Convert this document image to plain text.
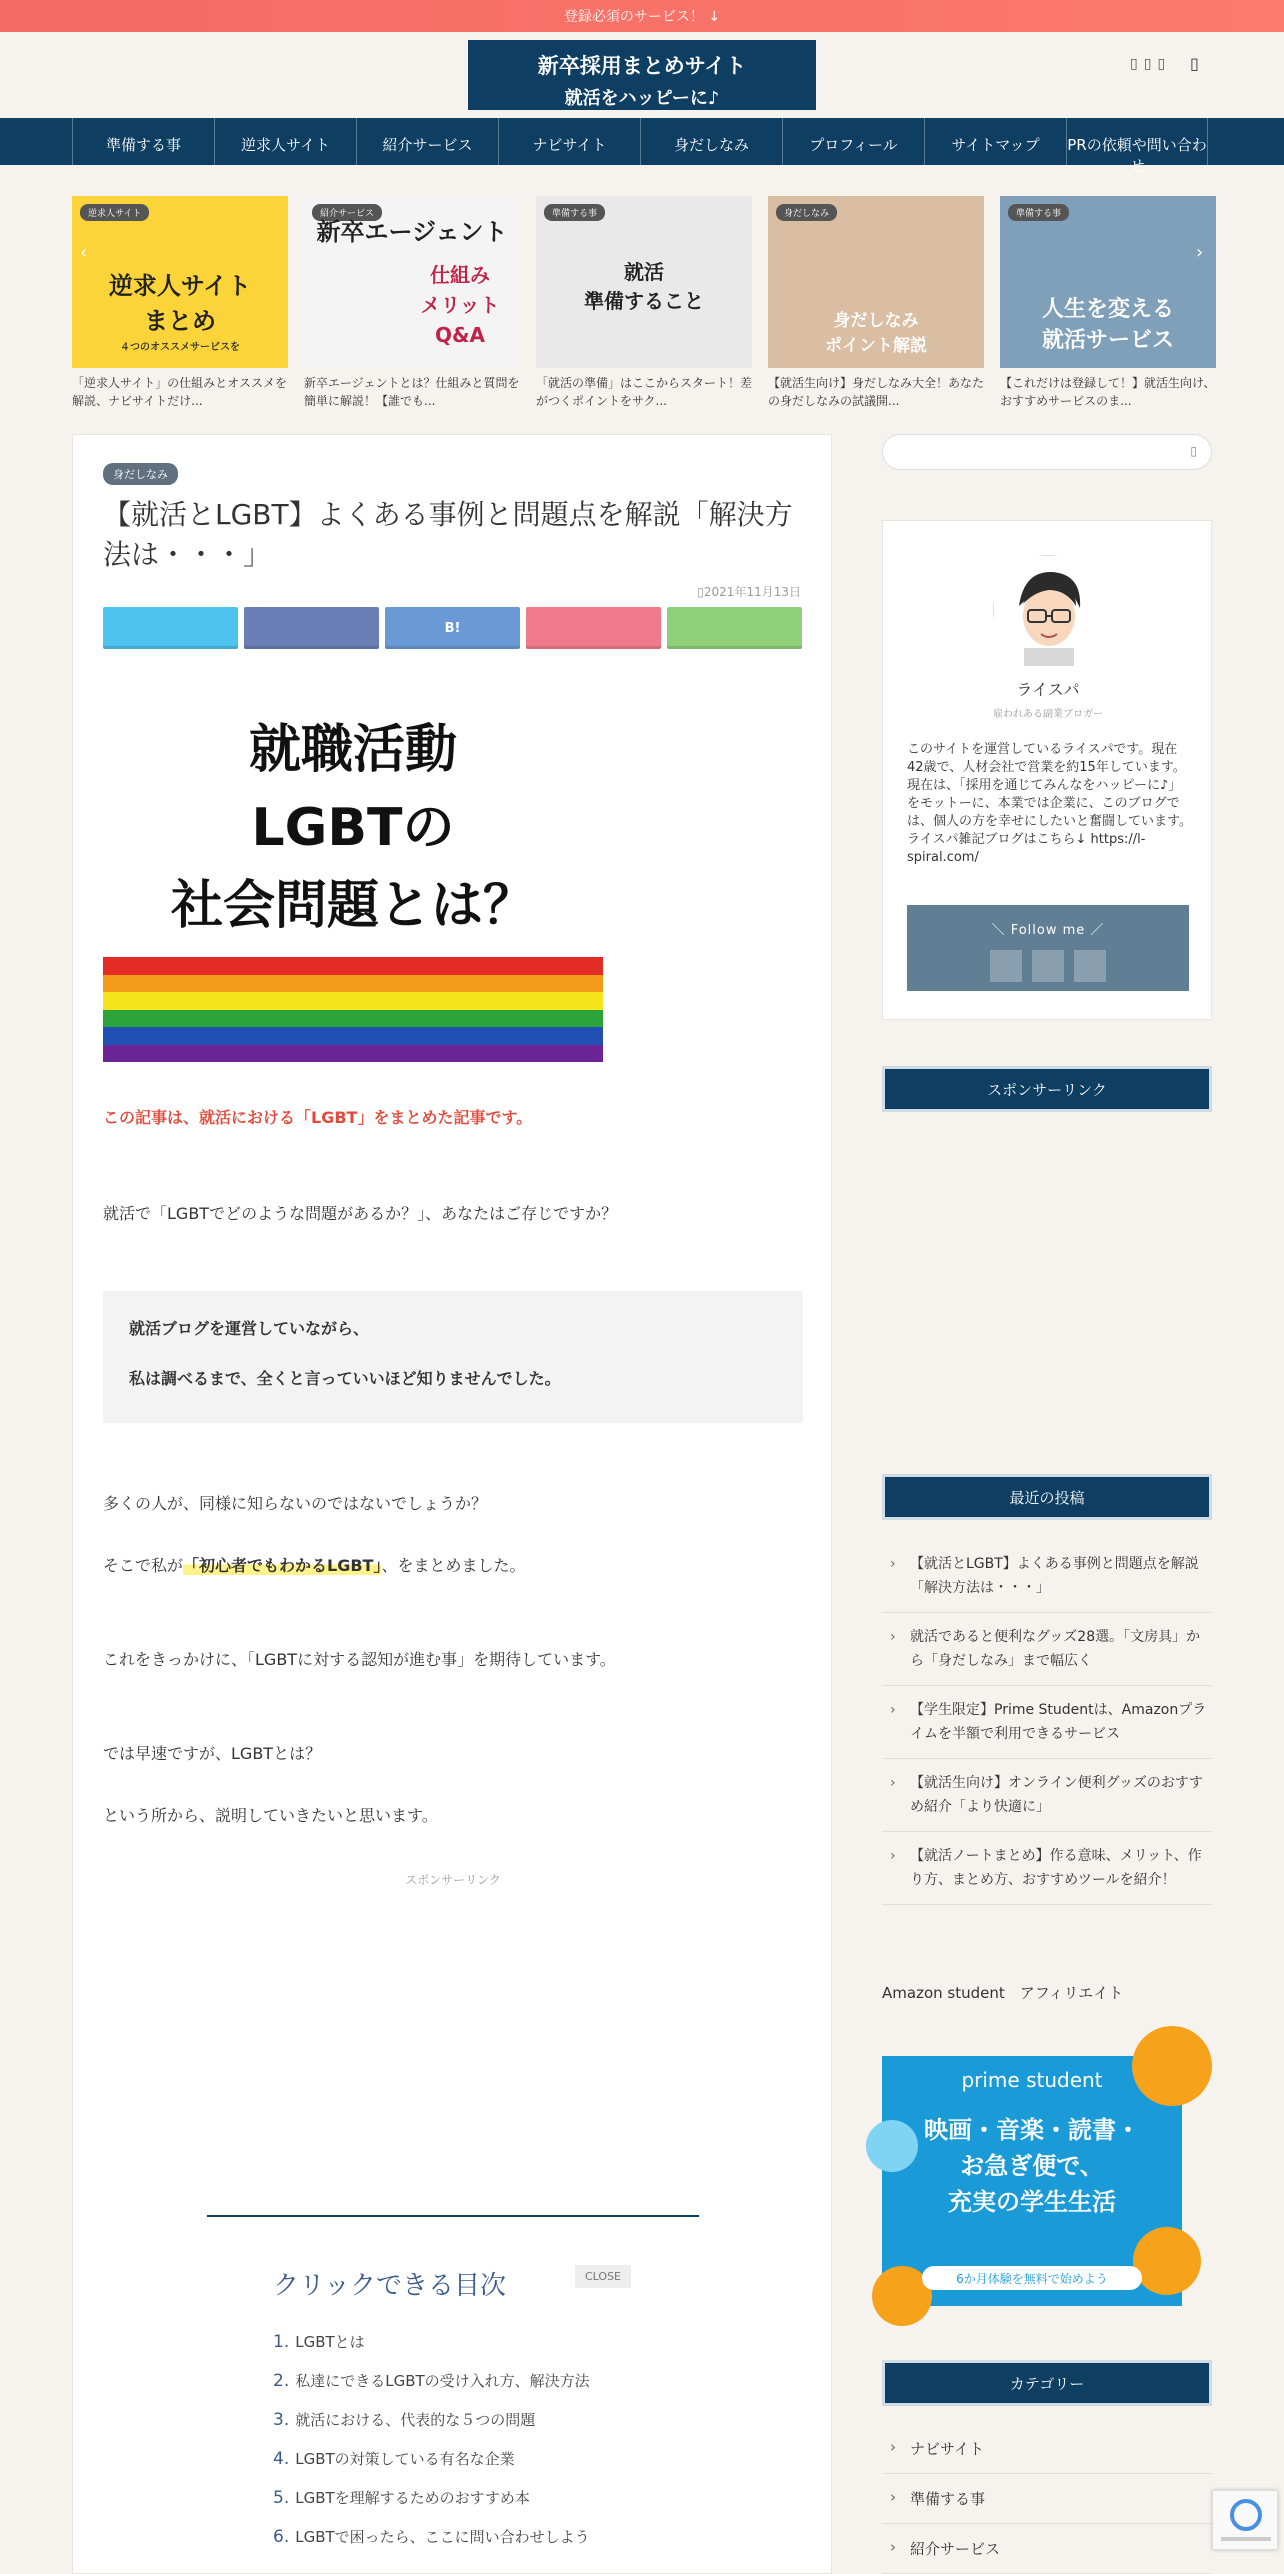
登録必須のサービス！ ↓
新卒採用まとめサイト
就活をハッピーに♪
▯ ▯ ▯ ▯
準備する事	逆求人サイト	紹介サービス	ナビサイト	身だしなみ	プロフィール	サイトマップ	PRの依頼や問い合わせ
逆求人サイト
逆求人サイト
まとめ
４つのオススメサービスを
「逆求人サイト」の仕組みとオススメを解説、ナビサイトだけ...
紹介サービス
新卒エージェント
仕組み
メリット
Q&A
新卒エージェントとは？仕組みと質問を簡単に解説！【誰でも...
準備する事
就活
準備すること
「就活の準備」はここからスタート！差がつくポイントをサク...
身だしなみ
身だしなみ
ポイント解説
【就活生向け】身だしなみ大全！あなたの身だしなみの試議開...
準備する事
人生を変える
就活サービス
【これだけは登録して！】就活生向け、おすすめサービスのま...
‹	›
身だしなみ
【就活とLGBT】よくある事例と問題点を解説「解決方法は・・・」
▯2021年11月13日
B!
就職活動
LGBTの
社会問題とは？
この記事は、就活における「LGBT」をまとめた記事です。
就活で「LGBTでどのような問題があるか？」、あなたはご存じですか？
就活ブログを運営していながら、
私は調べるまで、全くと言っていいほど知りませんでした。
多くの人が、同様に知らないのではないでしょうか？
そこで私が「初心者でもわかるLGBT」、をまとめました。
これをきっかけに、「LGBTに対する認知が進む事」を期待しています。
では早速ですが、LGBTとは？
という所から、説明していきたいと思います。
スポンサーリンク
クリックできる目次	CLOSE
1. LGBTとは
2. 私達にできるLGBTの受け入れ方、解決方法
3. 就活における、代表的な５つの問題
4. LGBTの対策している有名な企業
5. LGBTを理解するためのおすすめ本
6. LGBTで困ったら、ここに問い合わせしよう
▯
ライスパ
雇われある副業ブロガー
このサイトを運営しているライスパです。現在42歳で、人材会社で営業を約15年しています。現在は、「採用を通じてみんなをハッピーに♪」をモットーに、本業では企業に、このブログでは、個人の方を幸せにしたいと奮闘しています。 ライスパ雑記ブログはこちら↓ https://l-spiral.com/
＼ Follow me ／
スポンサーリンク
最近の投稿
› 【就活とLGBT】よくある事例と問題点を解説「解決方法は・・・」
› 就活であると便利なグッズ28選。「文房具」から「身だしなみ」まで幅広く
› 【学生限定】Prime Studentは、Amazonプライムを半額で利用できるサービス
› 【就活生向け】オンライン便利グッズのおすすめ紹介「より快適に」
› 【就活ノートまとめ】作る意味、メリット、作り方、まとめ方、おすすめツールを紹介！
Amazon student　アフィリエイト
prime student
映画・音楽・読書・
お急ぎ便で、
充実の学生生活
6か月体験を無料で始めよう
カテゴリー
› ナビサイト
› 準備する事
› 紹介サービス
